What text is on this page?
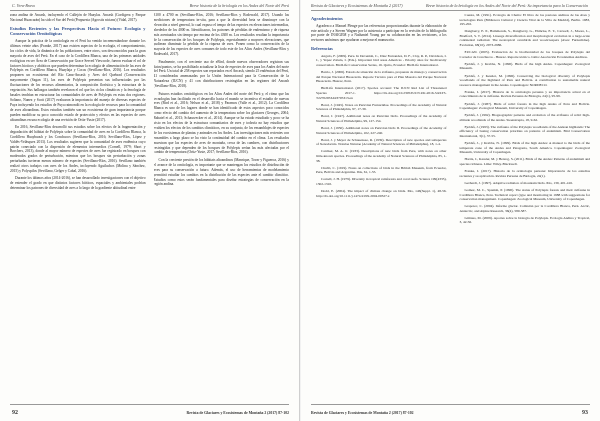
C. Vera-Bravo	Breve historia de la briología en los Andes del Norte del Perú

zona andina de Ancash, incluyendo el Callejón de Huaylas. Ancash (Cordigera y Parque Nacional Huascarán) ha sido el Sur del Perú (Propuesta (Agrostis nicians) (Vidal, 2017).

Estudios Recientes y las Perspectivas Hacia el Futuro: Ecología y Conservación Ornitológicas

Aunque la práctica de la ornitología en el Perú ha venido incrementándose durante los últimos veinte años (Franke, 2017) aun existen aspectos de la ecología, el comportamiento, los ciclos de vida, la dinámica de las poblaciones, entre otros, son desconocidos para la gran mayoría de aves del Perú. En el caso de la Cordillera Blanca, una de las primeras unidades ecológicas en ser Área de Conservación por Grace Served Viewcode, fueron evaluar el rol de factores bioticos y abióticos que pueden determinar la ecología de alimentación de las aves de Polylepis en Cordillera Blanca, Huaylaja y Cocas (Sevillano-Ríos, 2016). Los resultados proponen un ecosistema del Río Cana-Ancash y Aves del Quebrad (Conservación mayormente (Sagan 11), las aves de Polylepis presentan sus influenciadas por las fluctuaciones de los recursos alimentarios, la composición florística y la estructura de la vegetación. Sus hallazgos también revelaron el rol que los ciclos climáticos y la fenología de basales tendrían en estructurar las comunidades de aves de Polylepis en estas dos regiones. Soltano, Nunez y Scott (2017) evaluaron la importancia del manejo de diversas especies de Puya incluyendo los estudios de Puya raimondii en la ecología de recursos para la comunidad de aves altoandinas. Estos estudios también son un ecosistema de gran importancia porque pueden modificar su poco conocido estado de protección y efectos en las especies de aves altoandinas en una ecología de una revisión de Ortiz-Yuste (2017).

En 2016, Sevillano-Ríos desarrolló sus estudios sobre los efectos de la fragmentación y degradación del hábitat de Polylepis sobre la comunidad de aves en la Cordillera Blanca, la Cordillera Huayhuash y los Conchucos (Sevillano-Ríos, 2016; Sevillano-Ríos, López y Valdés-Velásquez 2013). Los resultados sugieren que la comunidad de aves endémica cuyo patrón conectado con la dispersión de elementos intermedios (Cornell, 1979; Short y Borchers, 2013), donde al mayor número de especies de aves fue registrado en bosques con moderados grados de perturbación, mientras que los bosques sin perturbación y zonas perturbadas tuvieron menos número de especies (Sevillano-Ríos, 2016). Sevillano también realizó otros trabajos con aves de los Andes, incluyendo Aguiluchos (Molina y Sánchez, 2015) y Polyspilos (Sevillano, Gelger y Cabal, 2016).

Durante los últimos años (2014-2016), se han desarrollado investigaciones con el objetivo de entender el grado en que distintos factores bióticos, espaciales y ambientales podrían determinar los patrones de diversidad de aves a lo largo de la gradiente altitudinal entre

3100 a 4700 m (Sevillano-Ríos, 2016; Sevillano-Ríos y Rodewald, 2017). Usando las mediciones de temperatura in-situ, para a que la diversidad beta se disminuye con la elevación a nivel general, lo cual expuso el tempo de las especies en elevaciones intermedias, alrededor de los 4000 m. Identificaron, los patrones de pérdidas de endemismo y de riqueza más acentuados sin tiempo por encima de los 4300 m. Los resultados resaltan la importancia de la conservación de los bosques de Polylepis, especialmente a mayores elevaciones, que pudieran disminuir la pérdida de la riqueza de aves. Ponen como la conservación de la mayoría de las especies de aves comunes de todo este de los Altos Andes (Sevillano-Ríos y Rodewald, 2017).

Finalmente, con el creciente uso de eBird, donde nuevos observadores registran sus datos/puntos, se ha posibilitado actualizar la lista de especies de aves para los Andes del norte del Perú. Un total de 258 especies son reportados en el Ancash, siendo 25 endémicas del Perú, 41 consideradas amenazadas por la Unión Internacional para la Conservación de la Naturaleza (IUCN) y 41 con distribuciones restringidas en las regiones del Ancash (Sevillano-Ríos, 2018).

Futuros estudios ornitológicos en los Altos Andes del norte del Perú y, el ritmo que las tecnologías han facilitado en el desarrollo hacia el mundo se incentiva el estudio de nuevas aves (Bird et al., 2016; Nelson et al., 2018) y Paramos (Valle et al., 2012). La Cordillera Blanca es uno de los lugares donde se han identificado de estos aspectos poco conocidos como efecto del cambio del aumento de la temperatura sobre los glaciares (Georges, 2004; Rabatel et al., 2013; Schauwecker et al., 2014). Aunque se ha estado estudiado y poco se ha visto en los efectos de la estructura comunitarios de aves y todavía no hay estudios que evalúen los efectos de los cambios climáticos, en su conjunto, de los ensamblajes de especies de los ecosistemas de plantas y animales en los Andes. Las investigaciones más recientes con ensambles a largo plazo se ha visto la continuidad del cambio en el clima. Los resultados muestran que las especies de aves de montaña, cerca de las cumbres, con distribuciones restringidas y que dependen de los bosques de Polylepis serían las más afectadas por el cambio de temperatura (Ortiz-Yuste, 2017; Sevillano-Ríos, 2016).

Con la creciente presión de los hábitats altoandinos (Manrique, Tovar y Figueroa, 2016) y el avance de la ornitología, es importante que se mantengan los estudios de distribución de aves para su conservación a futuro. Además, el uso de herramientas de modelamiento permitirá estudiar los cambios en la distribución de las especies ante el cambio climático. Estudios como estos serán fundamentales para diseñar estrategias de conservación en la región andina.

92	Revista de Glaciares y Ecosistemas de Montaña 2 (2017) 87-102
Revista de Glaciares y Ecosistemas de Montaña 2 (2017)	Breve historia de la briología en los Andes del Norte del Perú: Su importancia para la Conservación
Agradecimientos

Agradezco a Manuel Plenge por las referencias proporcionadas durante la elaboración de este artículo y a Steven Wagner por la asistencia a participar en la revisión de la bibliografía por parte de INAIGEM y a Nathaniel Young por su colaboración en las revisiones, a los revisores anónimos que ayudaron a mejorar el manuscrito.

Referencias

Angulo, F. (2009). Peru. In Devenish, C., Diaz Fernandez, D. F., Clay, R. P., Davidson, I. J., y Yepez Zabala, I. (Eds.). Important bird areas Americas - Priority sites for biodiversity conservation. BirdLife Conservation Series, 16. Quito, Ecuador: BirdLife International.

Barrio, J. (2006). Estado de situación de la avifauna, propuesta de manejo y conservación del Parque Nacional Huascarán. Reporte Técnico para el Plan Maestro del Parque Nacional Huascarán. Huaraz, Perú.

BirdLife International. (2017). Species account: The IUCN Red List of Threatened Species 2017-1. https://dx.doi.org/10.2305/IUCN.UK.2016-3.RLTS. T22702953A93705313.en

Bond, J. (1945). Notes on Peruvian Furnariidae. Proceedings of the Academy of Natural Sciences of Philadelphia, 97, 17-39.

Bond, J. (1947). Additional notes on Peruvian birds. Proceedings of the Academy of Natural Sciences of Philadelphia, 99, 127-154.

Bond, J. (1950). Additional notes on Peruvian birds II. Proceedings of the Academy of Natural Sciences of Philadelphia, 102, 227-240.

Bond, J. y Meyer de Schauensee, R. (1939). Description of new species and subspecies of Xenodacnis. Notulae Naturae (Academy of Natural Sciences of Philadelphia), 18, 1-4.

Carriker, M. A. Jr. (1933). Descriptions of new birds from Peru, with notes on other little-known species. Proceedings of the Academy of Natural Sciences of Philadelphia, 85, 1-38.

Chubb, C. (1919). Notes on collections of birds in the British Museum, from Ecuador, Peru, Bolivia and Argentina. Ibis, 61, 1-55.

Cornell, J. H. (1979). Diversity in tropical rainforests and coral reefs. Science 199(4335), 1302-1310.

Dodd, E. (2004). The impact of climate change on birds. Ibis, 146(Suppl. 1), 48-56. http://dx.doi.org/10.1111/j.1474-919X.2004.00327.x

Cuesta, M. (1991). Ecología de Chaita: El libro de los pastores andinos de las Aves y tecnologías Peru (Biblioteca Cultural y Ciencia Vital de la Villa de Madrid), Berlín. 1983, 195-202.

Dangberry, E. P., Hammonds, S., Dangberry, G., Ehmcke, E. T., Caswell, J., Moore, L., Bradford, S. T. (2014). Lineage diversification and morphological evolution in a large-scale continental radiation: The neotropical ovenbirds and woodcreepers (Aves: Furnariidae). Evolution, 68(10), 2973-2986.

EUCAN. (2005). Evaluación de la biodiversidad de los bosques de Polylepis del Corredor de Conchucos - Huaraz. Reporte técnico. Lima: Asociación Ecosistemas Andinos.

Fjeldså, J. y Krabbe, N. (1990). Birds of the high Andes. Copenhagen: Zoological Museum.

Fjeldså, J. y Kessler, M. (1996). Conserving the biological diversity of Polylepis woodlands of the highland of Peru and Bolivia. A contribution to sustainable natural resource management in the Andes. Copenhagen: NORDECO.

Franke, I. (2017). Historia de la ornitología peruana y su importancia actual en el conocimiento de la avifauna. Revista Peruana de Biología, 24(1), 95-99.

Fjeldså, J. (1987). Birds of relict forests in the high Andes of Peru and Bolivia. Copenhagen: Zoological Museum, University of Copenhagen.

Fjeldså, J. (1992). Biogeographic patterns and evolution of the avifauna of relict high-altitude woodlands of the Andes. Steenstrupia, 18, 9-62.

Fjeldså, J. (1993). The avifauna of the Polylepis woodlands of the Andean highlands: The efficiency of basing conservation priorities on patterns of endemism. Bird Conservation International, 3(1), 37-55.

Fjeldså, J., y Krabbe, N. (1999). Birds of the high Andes: A manual to the birds of the temperate zone of the Andes and Patagonia, South America. Copenhagen: Zoological Museum, University of Copenhagen.

Harris, J., Kessler, M. y Herzog, S. (2011). Birds of the Andes: Patterns of endemism and species richness. Lima: Wiley-Blackwell.

Franke, I. (2017). Historia de la ornitología peruana: Importancia de los estudios recientes y su aplicación. Revista Peruana de Biología, 24(1).

Gerhardt, J. (1997). Adaptive radiation of mountain birds. Ibis, 139, 401-416.

Gomez, M. C., Spanish, P. (1990). The status of Polylepis forests and their avifauna in Cordillera Blanca, Peru. Technical report (type and monitoring in 1988 with suggestions for conservation management. Copenhagen: Zoological Museum, University of Copenhagen.

Grapotec, C. (2004). Informe glaciar. Comisión por la Cordillera Blanca, Perú. Arctic, Antarctic, and Alpine Research, 36(4), 580-587.

Güiraus, M. (2009). Aportes sobre la biología de Polylepis. Ecología Andina y Tropical, 3, 42-56.

Revista de Glaciares y Ecosistemas de Montaña 2 (2017) 87-102	93
